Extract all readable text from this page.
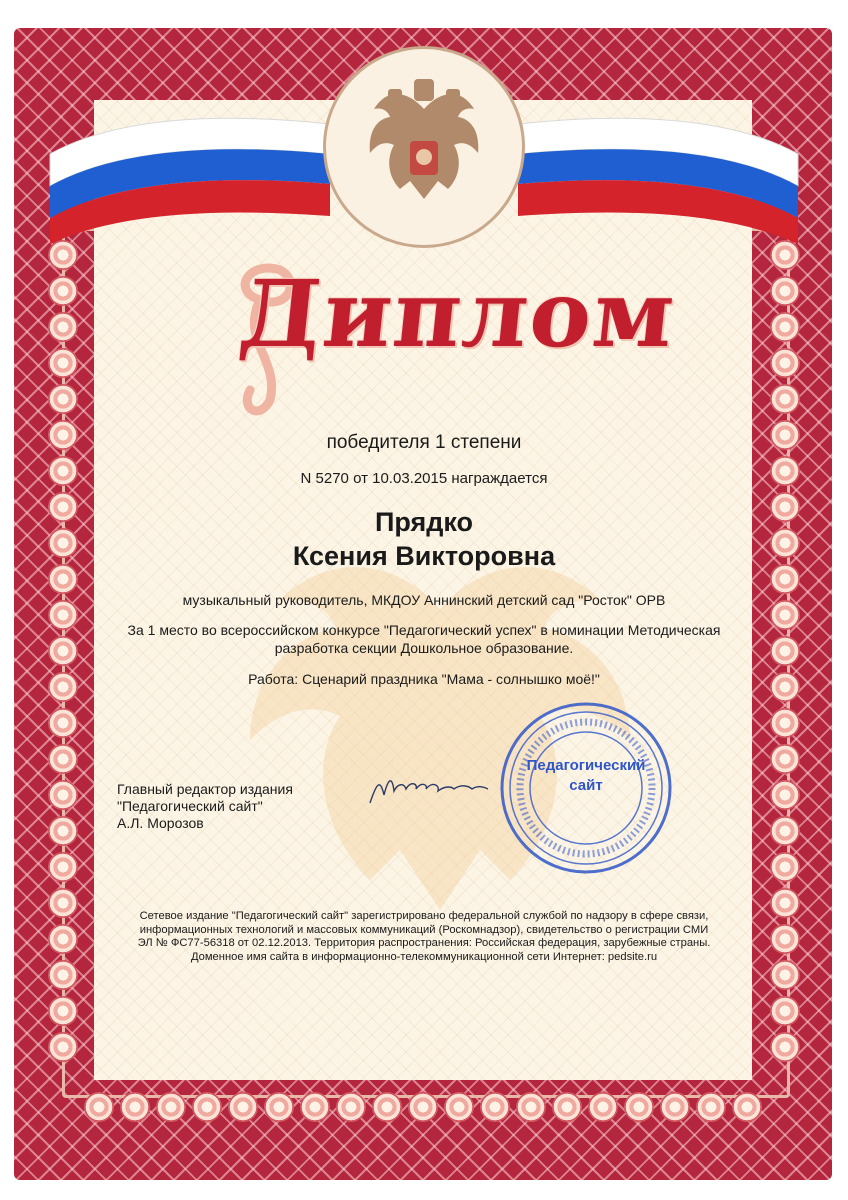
Диплом
победителя 1 степени
N 5270 от 10.03.2015 награждается
Прядко
Ксения Викторовна
музыкальный руководитель, МКДОУ Аннинский детский сад "Росток" ОРВ
За 1 место во всероссийском конкурсе "Педагогический успех" в номинации Методическая разработка секции Дошкольное образование.
Работа: Сценарий праздника "Мама - солнышко моё!"
Главный редактор издания
"Педагогический сайт"
А.Л. Морозов
Педагогический
сайт
Сетевое издание "Педагогический сайт" зарегистрировано федеральной службой по надзору в сфере связи,
информационных технологий и массовых коммуникаций (Роскомнадзор), свидетельство о регистрации СМИ
ЭЛ № ФС77-56318 от 02.12.2013. Территория распространения: Российская федерация, зарубежные страны.
Доменное имя сайта в информационно-телекоммуникационной сети Интернет: pedsite.ru
